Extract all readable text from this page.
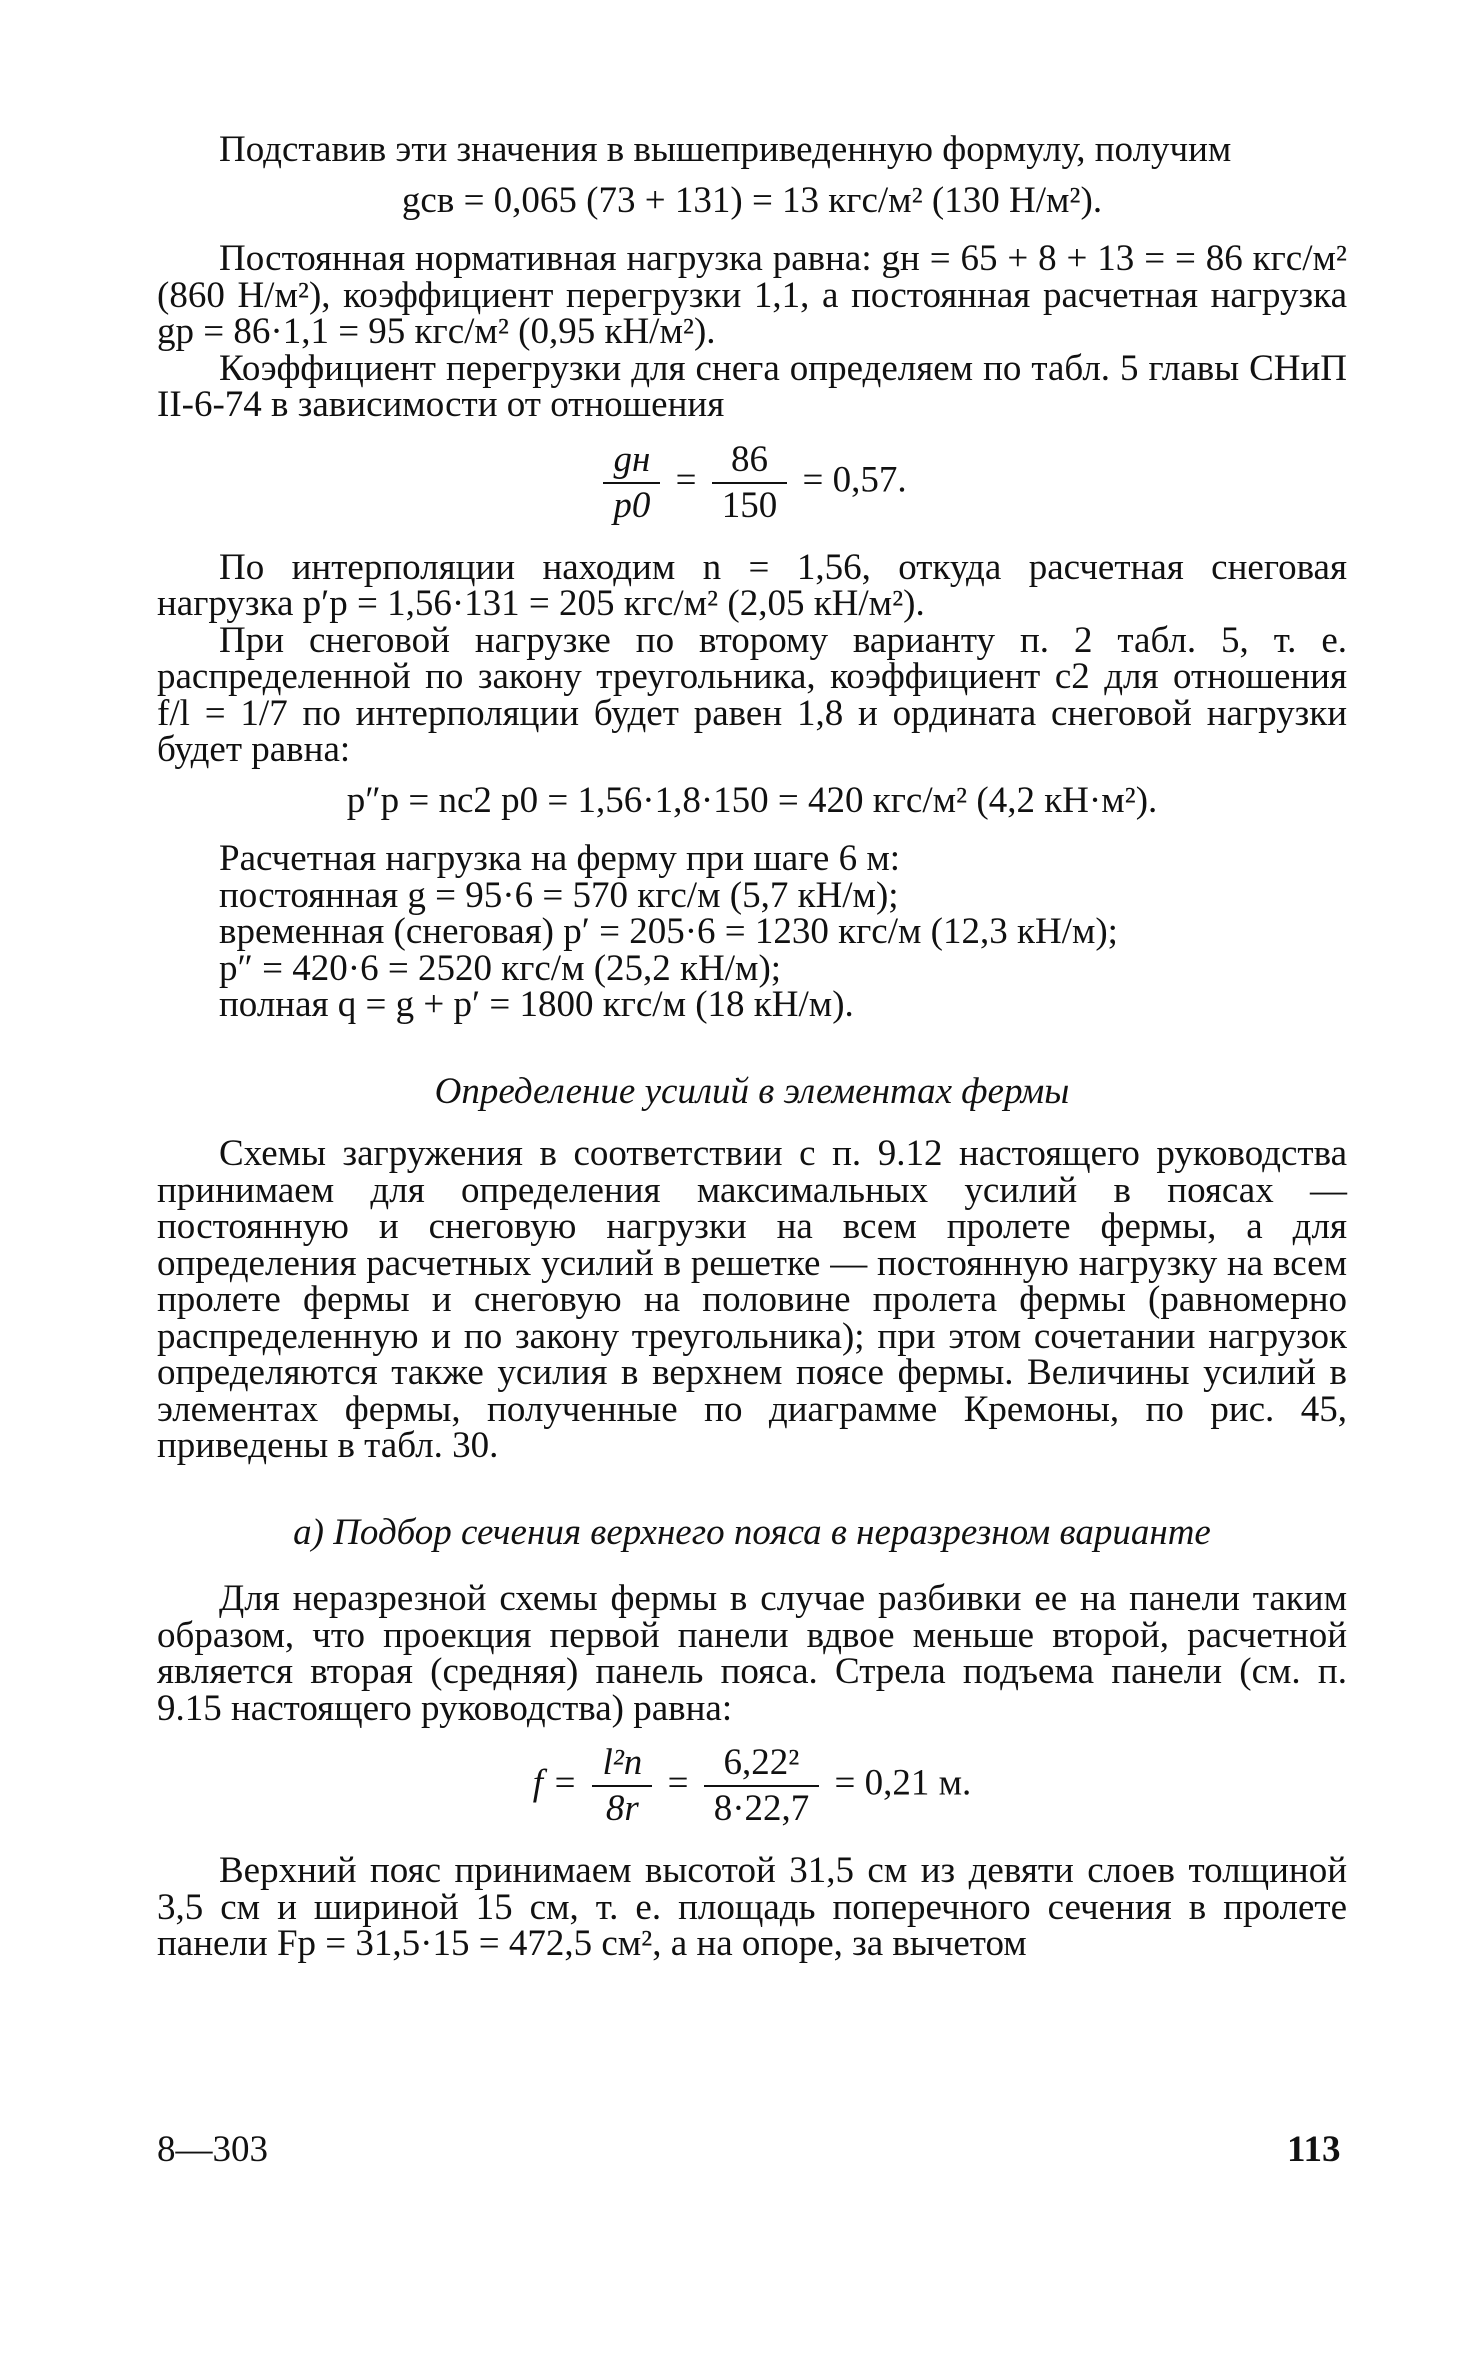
Подставив эти значения в вышеприведенную формулу, получим

gсв = 0,065 (73 + 131) = 13 кгс/м² (130 Н/м²).

Постоянная нормативная нагрузка равна: gн = 65 + 8 + 13 = = 86 кгс/м² (860 Н/м²), коэффициент перегрузки 1,1, а постоянная расчетная нагрузка gр = 86·1,1 = 95 кгс/м² (0,95 кН/м²).

Коэффициент перегрузки для снега определяем по табл. 5 главы СНиП II-6-74 в зависимости от отношения

$\frac{gн}{p0} = \frac{86}{150} = 0,57$.

По интерполяции находим n = 1,56, откуда расчетная снеговая нагрузка p′р = 1,56·131 = 205 кгс/м² (2,05 кН/м²).

При снеговой нагрузке по второму варианту п. 2 табл. 5, т. е. распределенной по закону треугольника, коэффициент c2 для отношения f/l = 1/7 по интерполяции будет равен 1,8 и ордината снеговой нагрузки будет равна:

p″р = nc2 p0 = 1,56·1,8·150 = 420 кгс/м² (4,2 кН·м²).
Расчетная нагрузка на ферму при шаге 6 м:
постоянная g = 95·6 = 570 кгс/м (5,7 кН/м);
временная (снеговая) p′ = 205·6 = 1230 кгс/м (12,3 кН/м);
p″ = 420·6 = 2520 кгс/м (25,2 кН/м);
полная q = g + p′ = 1800 кгс/м (18 кН/м).
Определение усилий в элементах фермы

Схемы загружения в соответствии с п. 9.12 настоящего руководства принимаем для определения максимальных усилий в поясах — постоянную и снеговую нагрузки на всем пролете фермы, а для определения расчетных усилий в решетке — постоянную нагрузку на всем пролете фермы и снеговую на половине пролета фермы (равномерно распределенную и по закону треугольника); при этом сочетании нагрузок определяются также усилия в верхнем поясе фермы. Величины усилий в элементах фермы, полученные по диаграмме Кремоны, по рис. 45, приведены в табл. 30.

а) Подбор сечения верхнего пояса в неразрезном варианте

Для неразрезной схемы фермы в случае разбивки ее на панели таким образом, что проекция первой панели вдвое меньше второй, расчетной является вторая (средняя) панель пояса. Стрела подъема панели (см. п. 9.15 настоящего руководства) равна:

$f = \frac{\text{l²п}}{8r} = \frac{\text{6,22²}}{8\cdot 22,7} = 0,21$ м.

Верхний пояс принимаем высотой 31,5 см из девяти слоев толщиной 3,5 см и шириной 15 см, т. е. площадь поперечного сечения в пролете панели Fр = 31,5·15 = 472,5 см², а на опоре, за вычетом

8—303	113
